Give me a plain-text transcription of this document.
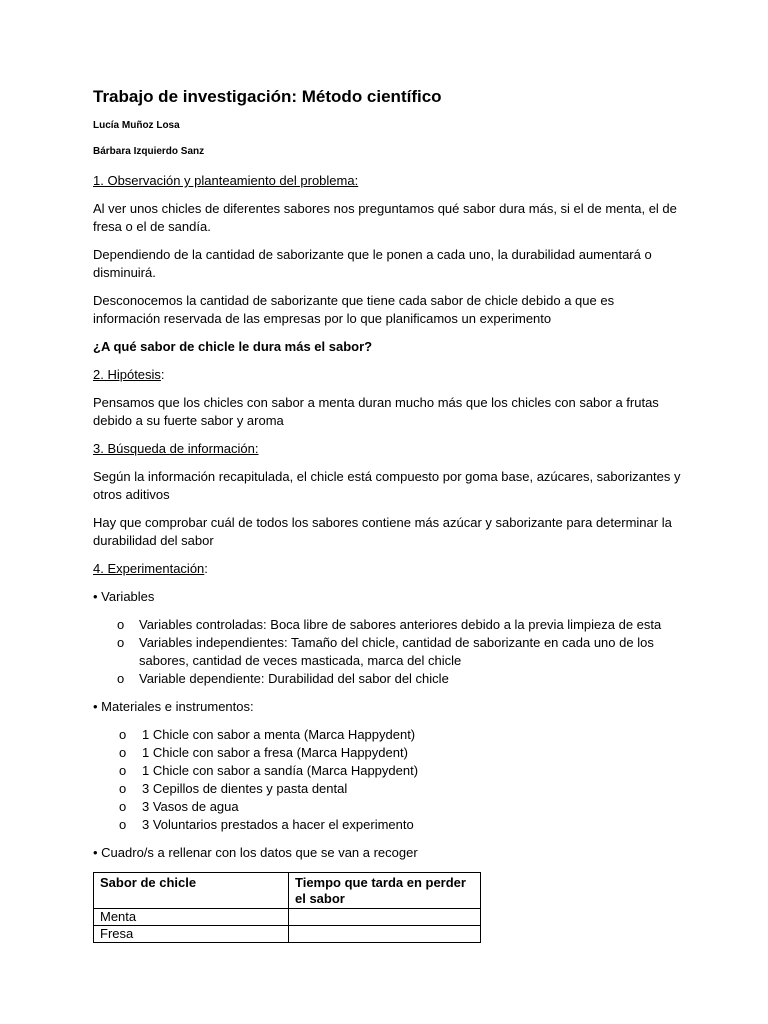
Trabajo de investigación: Método científico
Lucía Muñoz Losa
Bárbara Izquierdo Sanz

1. Observación y planteamiento del problema:

Al ver unos chicles de diferentes sabores nos preguntamos qué sabor dura más, si el de menta, el de fresa o el de sandía.

Dependiendo de la cantidad de saborizante que le ponen a cada uno, la durabilidad aumentará o disminuirá.

Desconocemos la cantidad de saborizante que tiene cada sabor de chicle debido a que es información reservada de las empresas por lo que planificamos un experimento

¿A qué sabor de chicle le dura más el sabor?

2. Hipótesis:

Pensamos que los chicles con sabor a menta duran mucho más que los chicles con sabor a frutas debido a su fuerte sabor y aroma

3. Búsqueda de información:

Según la información recapitulada, el chicle está compuesto por goma base, azúcares, saborizantes y otros aditivos

Hay que comprobar cuál de todos los sabores contiene más azúcar y saborizante para determinar la durabilidad del sabor

4. Experimentación:

• Variables

o Variables controladas: Boca libre de sabores anteriores debido a la previa limpieza de esta
o Variables independientes: Tamaño del chicle, cantidad de saborizante en cada uno de los sabores, cantidad de veces masticada, marca del chicle
o Variable dependiente: Durabilidad del sabor del chicle

• Materiales e instrumentos:

o 1 Chicle con sabor a menta (Marca Happydent)
o 1 Chicle con sabor a fresa (Marca Happydent)
o 1 Chicle con sabor a sandía (Marca Happydent)
o 3 Cepillos de dientes y pasta dental
o 3 Vasos de agua
o 3 Voluntarios prestados a hacer el experimento

• Cuadro/s a rellenar con los datos que se van a recoger

Sabor de chicle	Tiempo que tarda en perder el sabor
Menta	
Fresa	
